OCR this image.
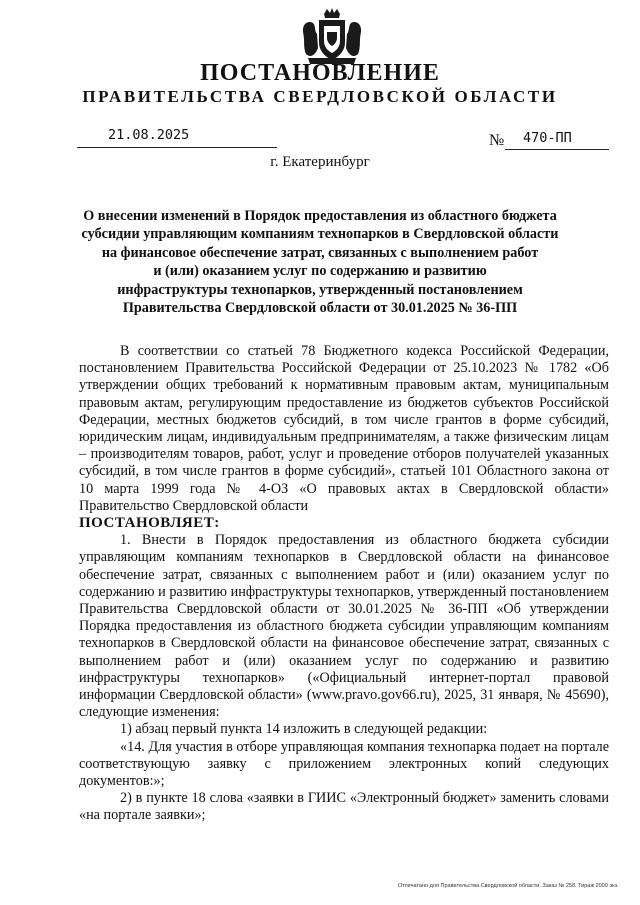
ПОСТАНОВЛЕНИЕ
ПРАВИТЕЛЬСТВА СВЕРДЛОВСКОЙ ОБЛАСТИ
21.08.2025	№ 470-ПП
г. Екатеринбург
О внесении изменений в Порядок предоставления из областного бюджета
субсидии управляющим компаниям технопарков в Свердловской области
на финансовое обеспечение затрат, связанных с выполнением работ
и (или) оказанием услуг по содержанию и развитию
инфраструктуры технопарков, утвержденный постановлением
Правительства Свердловской области от 30.01.2025 № 36-ПП

В соответствии со статьей 78 Бюджетного кодекса Российской Федерации, постановлением Правительства Российской Федерации от 25.10.2023 № 1782 «Об утверждении общих требований к нормативным правовым актам, муниципальным правовым актам, регулирующим предоставление из бюджетов субъектов Российской Федерации, местных бюджетов субсидий, в том числе грантов в форме субсидий, юридическим лицам, индивидуальным предпринимателям, а также физическим лицам – производителям товаров, работ, услуг и проведение отборов получателей указанных субсидий, в том числе грантов в форме субсидий», статьей 101 Областного закона от 10 марта 1999 года № 4-ОЗ «О правовых актах в Свердловской области» Правительство Свердловской области

ПОСТАНОВЛЯЕТ:

1. Внести в Порядок предоставления из областного бюджета субсидии управляющим компаниям технопарков в Свердловской области на финансовое обеспечение затрат, связанных с выполнением работ и (или) оказанием услуг по содержанию и развитию инфраструктуры технопарков, утвержденный постановлением Правительства Свердловской области от 30.01.2025 № 36-ПП «Об утверждении Порядка предоставления из областного бюджета субсидии управляющим компаниям технопарков в Свердловской области на финансовое обеспечение затрат, связанных с выполнением работ и (или) оказанием услуг по содержанию и развитию инфраструктуры технопарков» («Официальный интернет-портал правовой информации Свердловской области» (www.pravo.gov66.ru), 2025, 31 января, № 45690), следующие изменения:

1) абзац первый пункта 14 изложить в следующей редакции:

«14. Для участия в отборе управляющая компания технопарка подает на портале соответствующую заявку с приложением электронных копий следующих документов:»;

2) в пункте 18 слова «заявки в ГИИС «Электронный бюджет» заменить словами «на портале заявки»;

Отпечатано для Правительства Свердловской области. Заказ № 258. Тираж 2000 экз.
